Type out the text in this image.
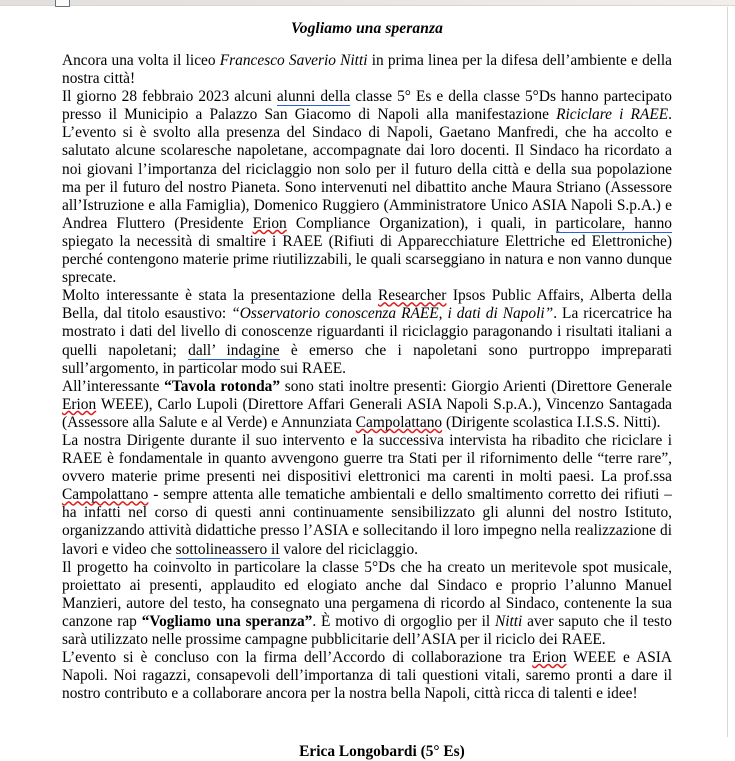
Vogliamo una speranza

Ancora una volta il liceo Francesco Saverio Nitti in prima linea per la difesa dell’ambiente e della nostra città!

Il giorno 28 febbraio 2023 alcuni alunni della classe 5° Es e della classe 5°Ds hanno partecipato presso il Municipio a Palazzo San Giacomo di Napoli alla manifestazione Riciclare i RAEE. L’evento si è svolto alla presenza del Sindaco di Napoli, Gaetano Manfredi, che ha accolto e salutato alcune scolaresche napoletane, accompagnate dai loro docenti. Il Sindaco ha ricordato a noi giovani l’importanza del riciclaggio non solo per il futuro della città e della sua popolazione ma per il futuro del nostro Pianeta. Sono intervenuti nel dibattito anche Maura Striano (Assessore all’Istruzione e alla Famiglia), Domenico Ruggiero (Amministratore Unico ASIA Napoli S.p.A.) e Andrea Fluttero (Presidente Erion Compliance Organization), i quali, in particolare, hanno spiegato la necessità di smaltire i RAEE (Rifiuti di Apparecchiature Elettriche ed Elettroniche) perché contengono materie prime riutilizzabili, le quali scarseggiano in natura e non vanno dunque sprecate.

Molto interessante è stata la presentazione della Researcher Ipsos Public Affairs, Alberta della Bella, dal titolo esaustivo: “Osservatorio conoscenza RAEE, i dati di Napoli”. La ricercatrice ha mostrato i dati del livello di conoscenze riguardanti il riciclaggio paragonando i risultati italiani a quelli napoletani; dall’ indagine è emerso che i napoletani sono purtroppo impreparati sull’argomento, in particolar modo sui RAEE.

All’interessante “Tavola rotonda” sono stati inoltre presenti: Giorgio Arienti (Direttore Generale Erion WEEE), Carlo Lupoli (Direttore Affari Generali ASIA Napoli S.p.A.), Vincenzo Santagada (Assessore alla Salute e al Verde) e Annunziata Campolattano (Dirigente scolastica I.I.S.S. Nitti).

La nostra Dirigente durante il suo intervento e la successiva intervista ha ribadito che riciclare i RAEE è fondamentale in quanto avvengono guerre tra Stati per il rifornimento delle “terre rare”, ovvero materie prime presenti nei dispositivi elettronici ma carenti in molti paesi. La prof.ssa Campolattano - sempre attenta alle tematiche ambientali e dello smaltimento corretto dei rifiuti – ha infatti nel corso di questi anni continuamente sensibilizzato gli alunni del nostro Istituto, organizzando attività didattiche presso l’ASIA e sollecitando il loro impegno nella realizzazione di lavori e video che sottolineassero il valore del riciclaggio.

Il progetto ha coinvolto in particolare la classe 5°Ds che ha creato un meritevole spot musicale, proiettato ai presenti, applaudito ed elogiato anche dal Sindaco e proprio l’alunno Manuel Manzieri, autore del testo, ha consegnato una pergamena di ricordo al Sindaco, contenente la sua canzone rap “Vogliamo una speranza”. È motivo di orgoglio per il Nitti aver saputo che il testo sarà utilizzato nelle prossime campagne pubblicitarie dell’ASIA per il riciclo dei RAEE.

L’evento si è concluso con la firma dell’Accordo di collaborazione tra Erion WEEE e ASIA Napoli. Noi ragazzi, consapevoli dell’importanza di tali questioni vitali, saremo pronti a dare il nostro contributo e a collaborare ancora per la nostra bella Napoli, città ricca di talenti e idee!

Erica Longobardi (5° Es)
